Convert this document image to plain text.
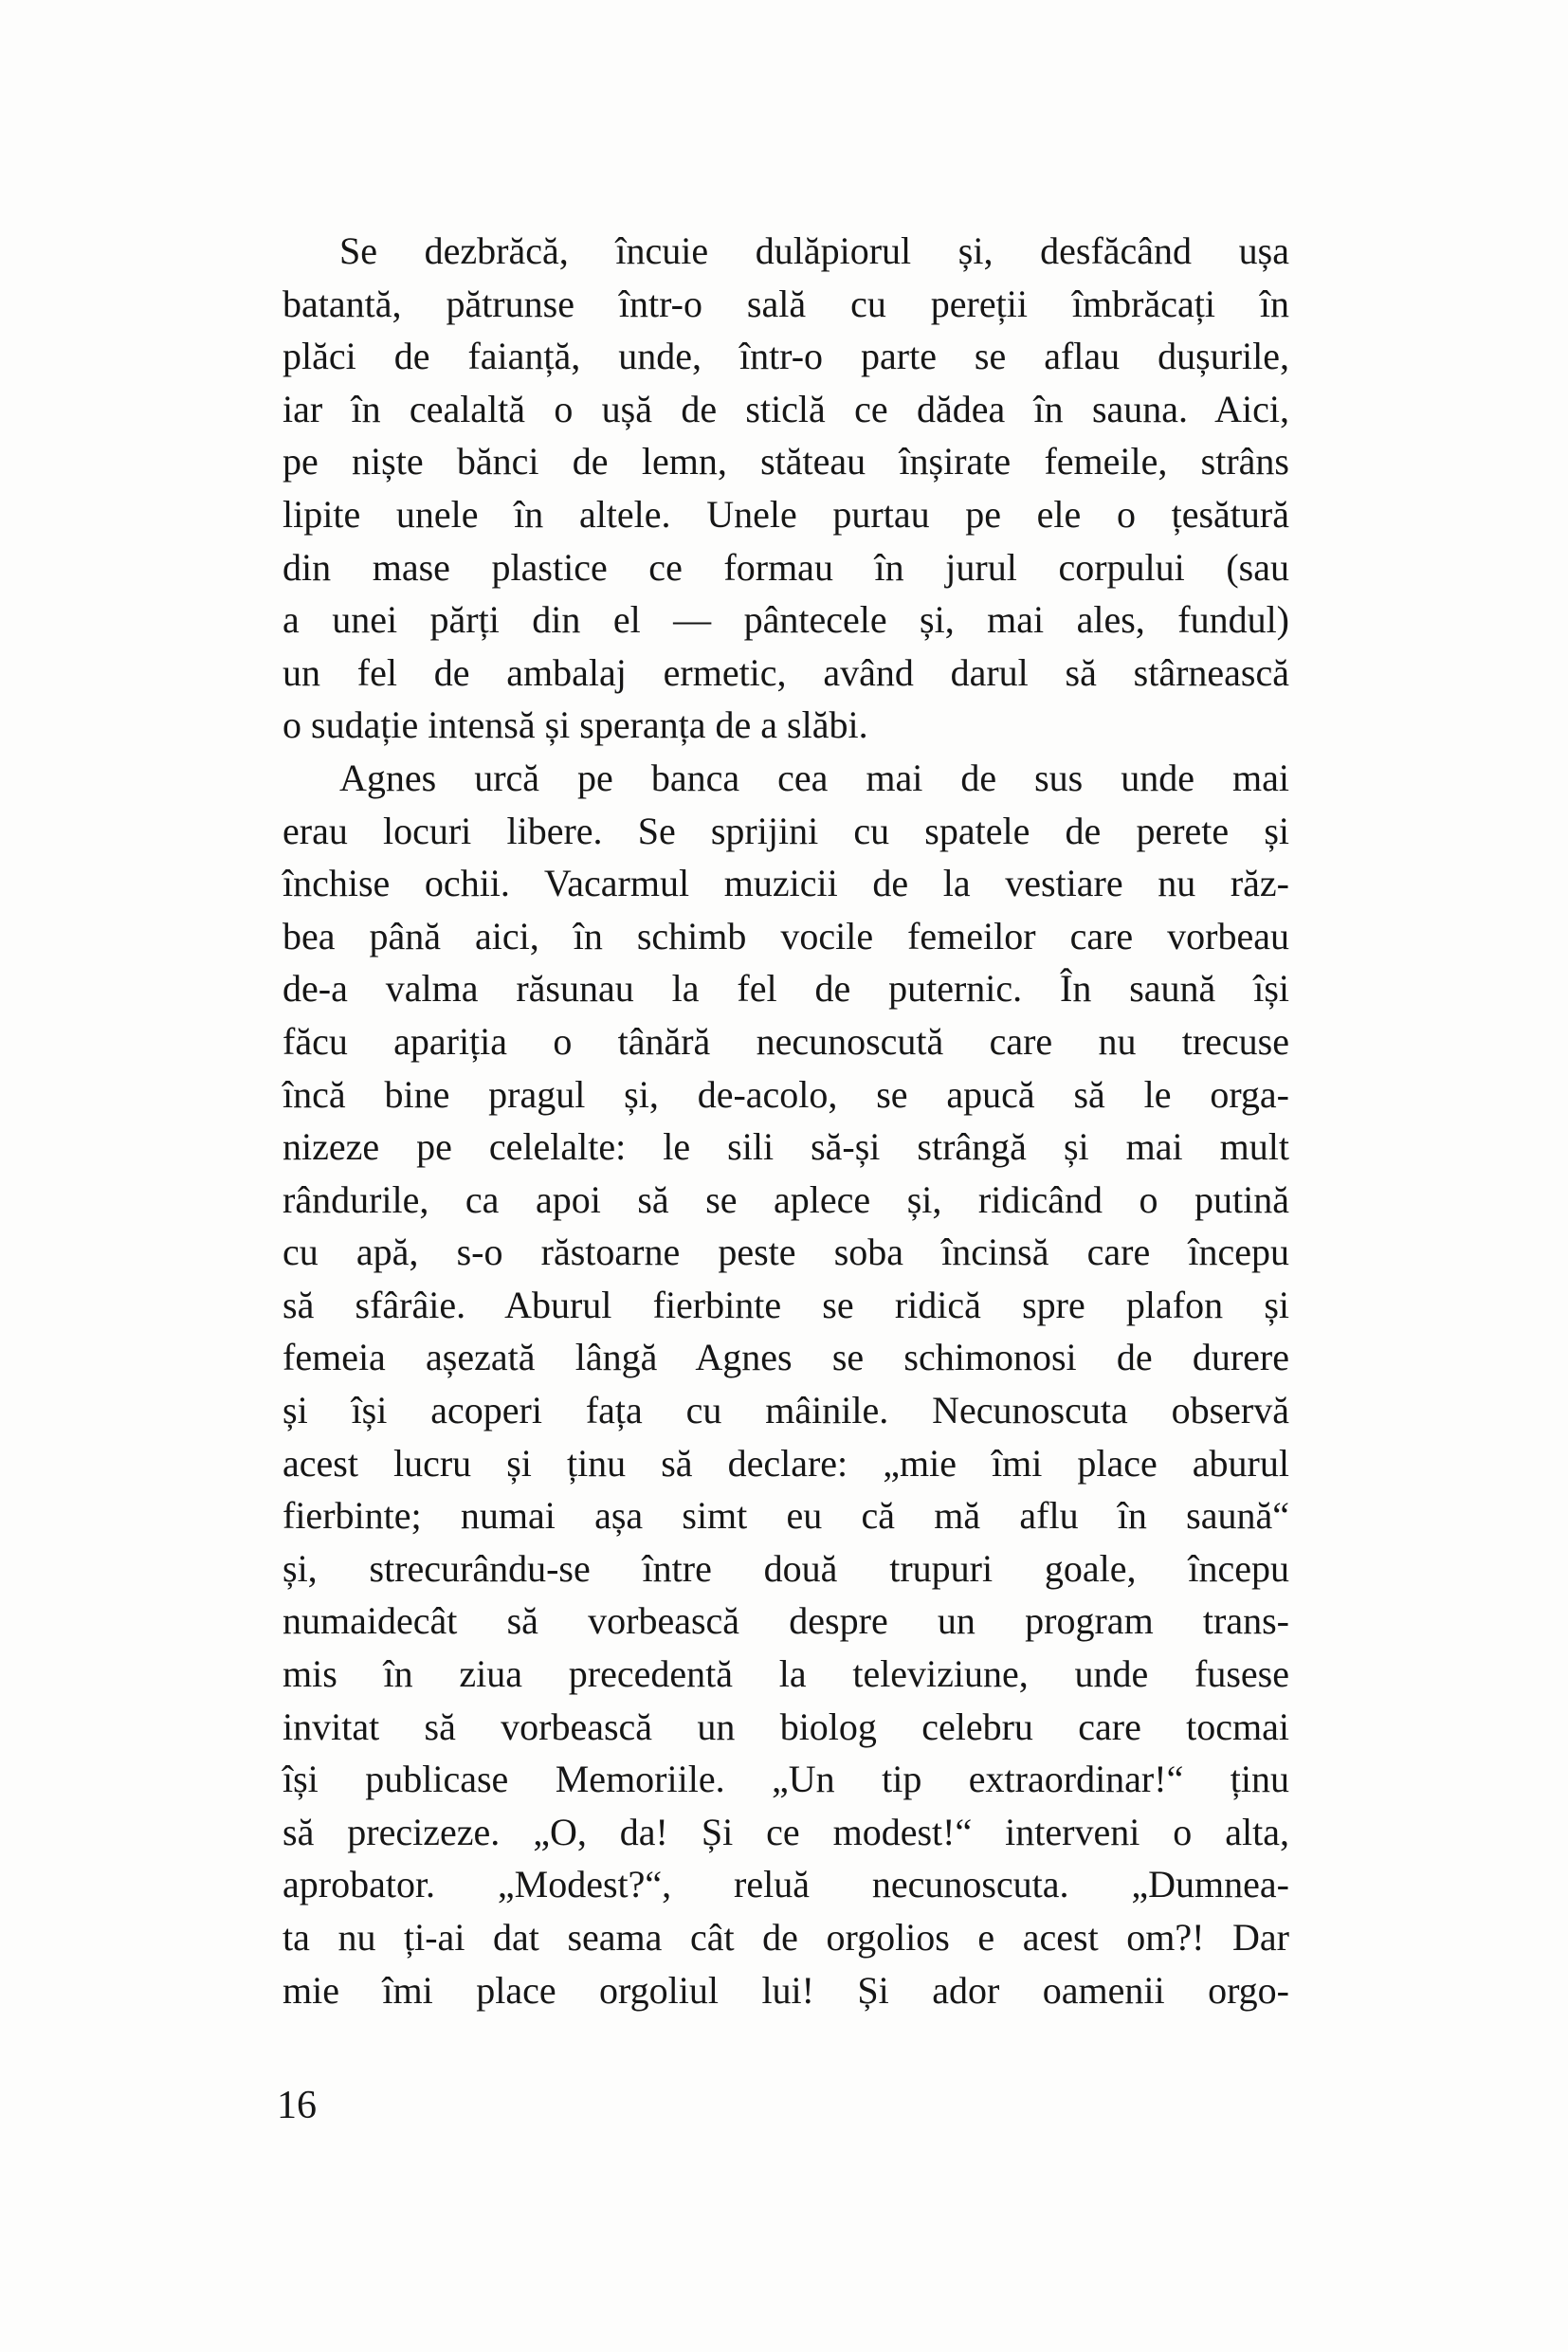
Se dezbrăcă, încuie dulăpiorul și, desfăcând ușa
batantă, pătrunse într-o sală cu pereții îmbrăcați în
plăci de faianță, unde, într-o parte se aflau dușurile,
iar în cealaltă o ușă de sticlă ce dădea în sauna. Aici,
pe niște bănci de lemn, stăteau înșirate femeile, strâns
lipite unele în altele. Unele purtau pe ele o țesătură
din mase plastice ce formau în jurul corpului (sau
a unei părți din el — pântecele și, mai ales, fundul)
un fel de ambalaj ermetic, având darul să stârnească
o sudație intensă și speranța de a slăbi.
Agnes urcă pe banca cea mai de sus unde mai
erau locuri libere. Se sprijini cu spatele de perete și
închise ochii. Vacarmul muzicii de la vestiare nu răz-
bea până aici, în schimb vocile femeilor care vorbeau
de-a valma răsunau la fel de puternic. În saună își
făcu apariția o tânără necunoscută care nu trecuse
încă bine pragul și, de-acolo, se apucă să le orga-
nizeze pe celelalte: le sili să-și strângă și mai mult
rândurile, ca apoi să se aplece și, ridicând o putină
cu apă, s-o răstoarne peste soba încinsă care începu
să sfârâie. Aburul fierbinte se ridică spre plafon și
femeia așezată lângă Agnes se schimonosi de durere
și își acoperi fața cu mâinile. Necunoscuta observă
acest lucru și ținu să declare: „mie îmi place aburul
fierbinte; numai așa simt eu că mă aflu în saună“
și, strecurându-se între două trupuri goale, începu
numaidecât să vorbească despre un program trans-
mis în ziua precedentă la televiziune, unde fusese
invitat să vorbească un biolog celebru care tocmai
își publicase Memoriile. „Un tip extraordinar!“ ținu
să precizeze. „O, da! Și ce modest!“ interveni o alta,
aprobator. „Modest?“, reluă necunoscuta. „Dumnea-
ta nu ți-ai dat seama cât de orgolios e acest om?! Dar
mie îmi place orgoliul lui! Și ador oamenii orgo-
16
